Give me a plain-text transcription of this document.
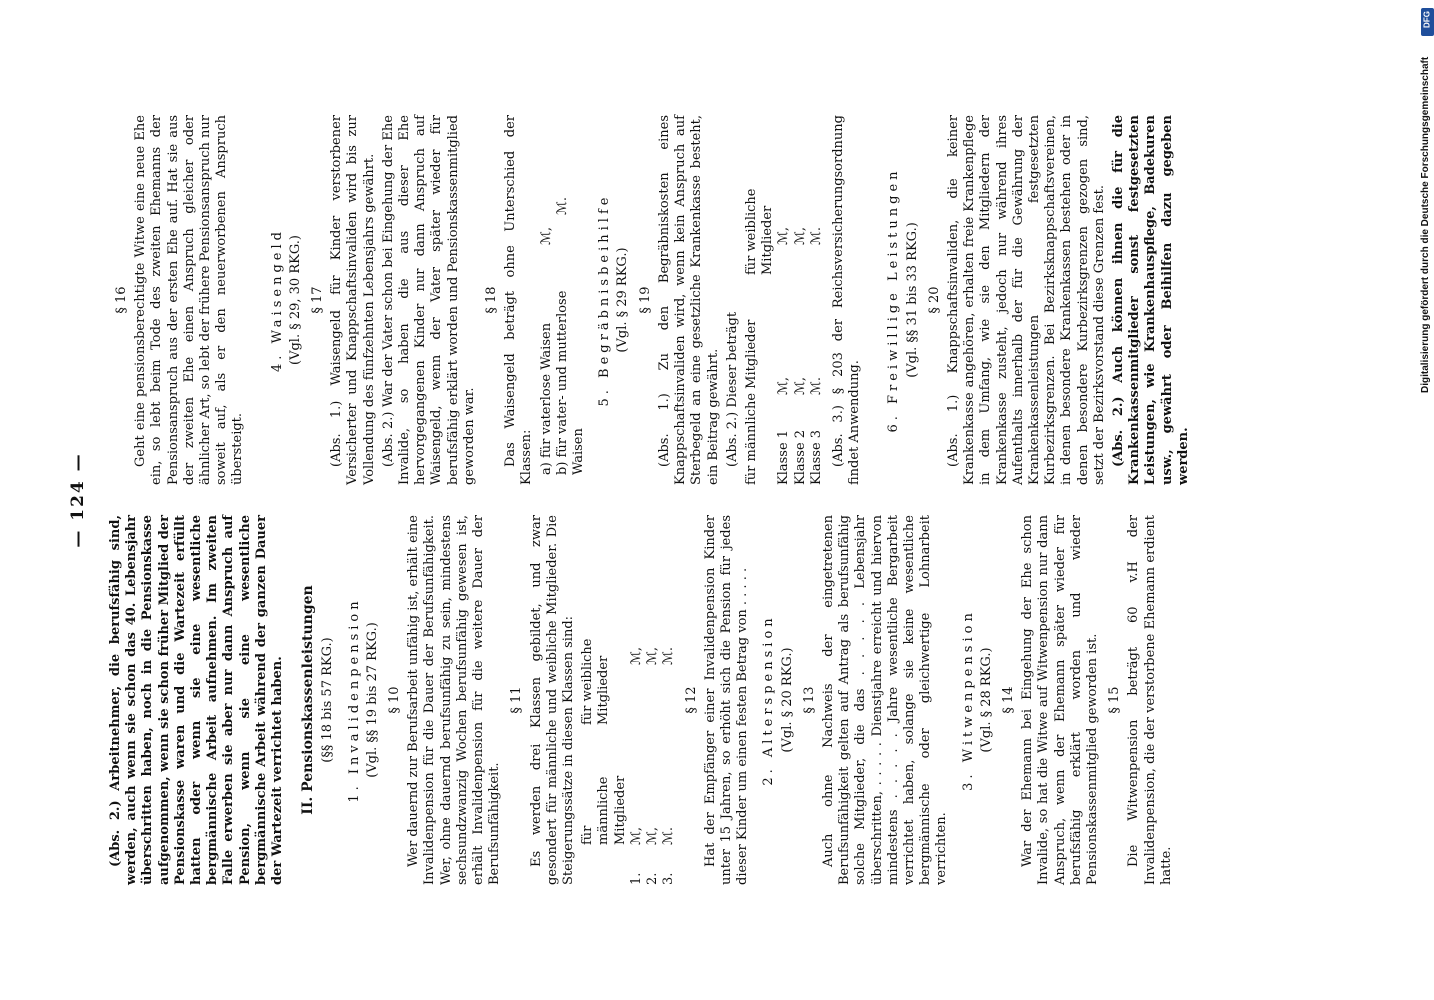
— 124 —

(Abs. 2.) Arbeitnehmer, die berufsfähig sind, werden, auch wenn sie schon das 40. Lebensjahr überschritten haben, noch in die Pensionskasse aufgenommen, wenn sie schon früher Mitglied der Pensionskasse waren und die Wartezeit erfüllt hatten oder wenn sie eine wesentliche bergmännische Arbeit aufnehmen. Im zweiten Falle erwerben sie aber nur dann Anspruch auf Pension, wenn sie eine wesentliche bergmännische Arbeit während der ganzen Dauer der Wartezeit verrichtet haben. II. Pensionskassenleistungen (§§ 18 bis 57 RKG.) 1. Invalidenpension (Vgl. §§ 19 bis 27 RKG.) § 10 Wer dauernd zur Berufsarbeit unfähig ist, erhält eine Invalidenpension für die Dauer der Berufsunfähigkeit. Wer, ohne dauernd berufsunfähig zu sein, mindestens sechsundzwanzig Wochen berufsunfähig gewesen ist, erhält Invalidenpension für die weitere Dauer der Berufsunfähigkeit.

§ 11 Es werden drei Klassen gebildet, und zwar gesondert für männliche und weibliche Mitglieder. Die Steigerungssätze in diesen Klassen sind: für männliche Mitglieder
für weibliche Mitglieder
1.
ℳ,
ℳ,
2.
ℳ,
ℳ,
3.
ℳ.
ℳ.
§ 12 Hat der Empfänger einer Invalidenpension Kinder unter 15 Jahren, so erhöht sich die Pension für jedes dieser Kinder um einen festen Betrag von . . . . . 2. Alterspension (Vgl. § 20 RKG.) § 13 Auch ohne Nachweis der eingetretenen Berufsunfähigkeit gelten auf Antrag als berufsunfähig solche Mitglieder, die das . . . . . Lebensjahr überschritten, . . . . . Dienstjahre erreicht und hiervon mindestens . . . . . Jahre wesentliche Bergarbeit verrichtet haben, solange sie keine wesentliche bergmännische oder gleichwertige Lohnarbeit verrichten.

3. Witwenpension (Vgl. § 28 RKG.) § 14 War der Ehemann bei Eingehung der Ehe schon Invalide, so hat die Witwe auf Witwenpension nur dann Anspruch, wenn der Ehemann später wieder für berufsfähig erklärt worden und wieder Pensionskassenmitglied geworden ist. § 15 Die Witwenpension beträgt 60 v.H der Invalidenpension, die der verstorbene Ehemann erdient hatte.

§ 16 Geht eine pensionsberechtigte Witwe eine neue Ehe ein, so lebt beim Tode des zweiten Ehemanns der Pensionsanspruch aus der ersten Ehe auf. Hat sie aus der zweiten Ehe einen Anspruch gleicher oder ähnlicher Art, so lebt der frühere Pensionsanspruch nur soweit auf, als er den neuerworbenen Anspruch übersteigt.

4. Waisengeld (Vgl. § 29, 30 RKG.) § 17 (Abs. 1.) Waisengeld für Kinder verstorbener Versicherter und Knappschaftsinvaliden wird bis zur Vollendung des fünfzehnten Lebensjahrs gewährt. (Abs. 2.) War der Vater schon bei Eingehung der Ehe Invalide, so haben die aus dieser Ehe hervorgegangenen Kinder nur dann Anspruch auf Waisengeld, wenn der Vater später wieder für berufsfähig erklärt worden und Pensionskassenmitglied geworden war.

§ 18 Das Waisengeld beträgt ohne Unterschied der Klassen: a) für vaterlose Waisen
ℳ,
b) für vater- und mutterlose Waisen
ℳ.	5. Begräbnisbeihilfe (Vgl. § 29 RKG.) § 19 (Abs. 1.) Zu den Begräbniskosten eines Knappschaftsinvaliden wird, wenn kein Anspruch auf Sterbegeld an eine gesetzliche Krankenkasse besteht, ein Beitrag gewährt. (Abs. 2.) Dieser beträgt für männliche Mitglieder
für weibliche Mitglieder
Klasse 1
ℳ,
ℳ,
Klasse 2
ℳ,
ℳ,
Klasse 3
ℳ.
ℳ. (Abs. 3.) § 203 der Reichsversicherungsordnung findet Anwendung. 6. Freiwillige Leistungen (Vgl. §§ 31 bis 33 RKG.) § 20 (Abs. 1.) Knappschaftsinvaliden, die keiner Krankenkasse angehören, erhalten freie Krankenpflege in dem Umfang, wie sie den Mitgliedern der Krankenkasse zusteht, jedoch nur während ihres Aufenthalts innerhalb der für die Gewährung der Krankenkassenleistungen festgesetzten Kurbezirksgrenzen. Bei Bezirksknappschaftsvereinen, in denen besondere Krankenkassen bestehen oder in denen besondere Kurbezirksgrenzen gezogen sind, setzt der Bezirksvorstand diese Grenzen fest. (Abs. 2.) Auch können ihnen die für die Krankenkassenmitglieder sonst festgesetzten Leistungen, wie Krankenhauspflege, Badekuren usw., gewährt oder Beihilfen dazu gegeben werden.

Digitalisierung gefördert durch die Deutsche Forschungsgemeinschaft
DFG
